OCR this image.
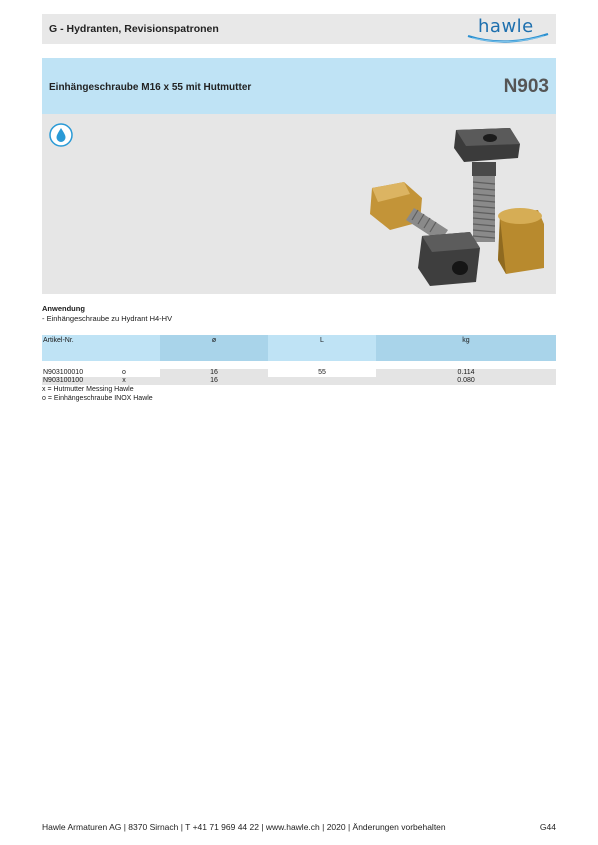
G - Hydranten, Revisionspatronen	hawle
Einhängeschraube M16 x 55 mit Hutmutter	N903
Anwendung
- Einhängeschraube zu Hydrant H4-HV
Artikel-Nr.		ø	L	kg

N903100010	o	16	55	0.114
N903100100	x	16		0.080
x = Hutmutter Messing Hawle
o = Einhängeschraube INOX Hawle
Hawle Armaturen AG | 8370 Sirnach | T +41 71 969 44 22 | www.hawle.ch | 2020 | Änderungen vorbehalten	G44
